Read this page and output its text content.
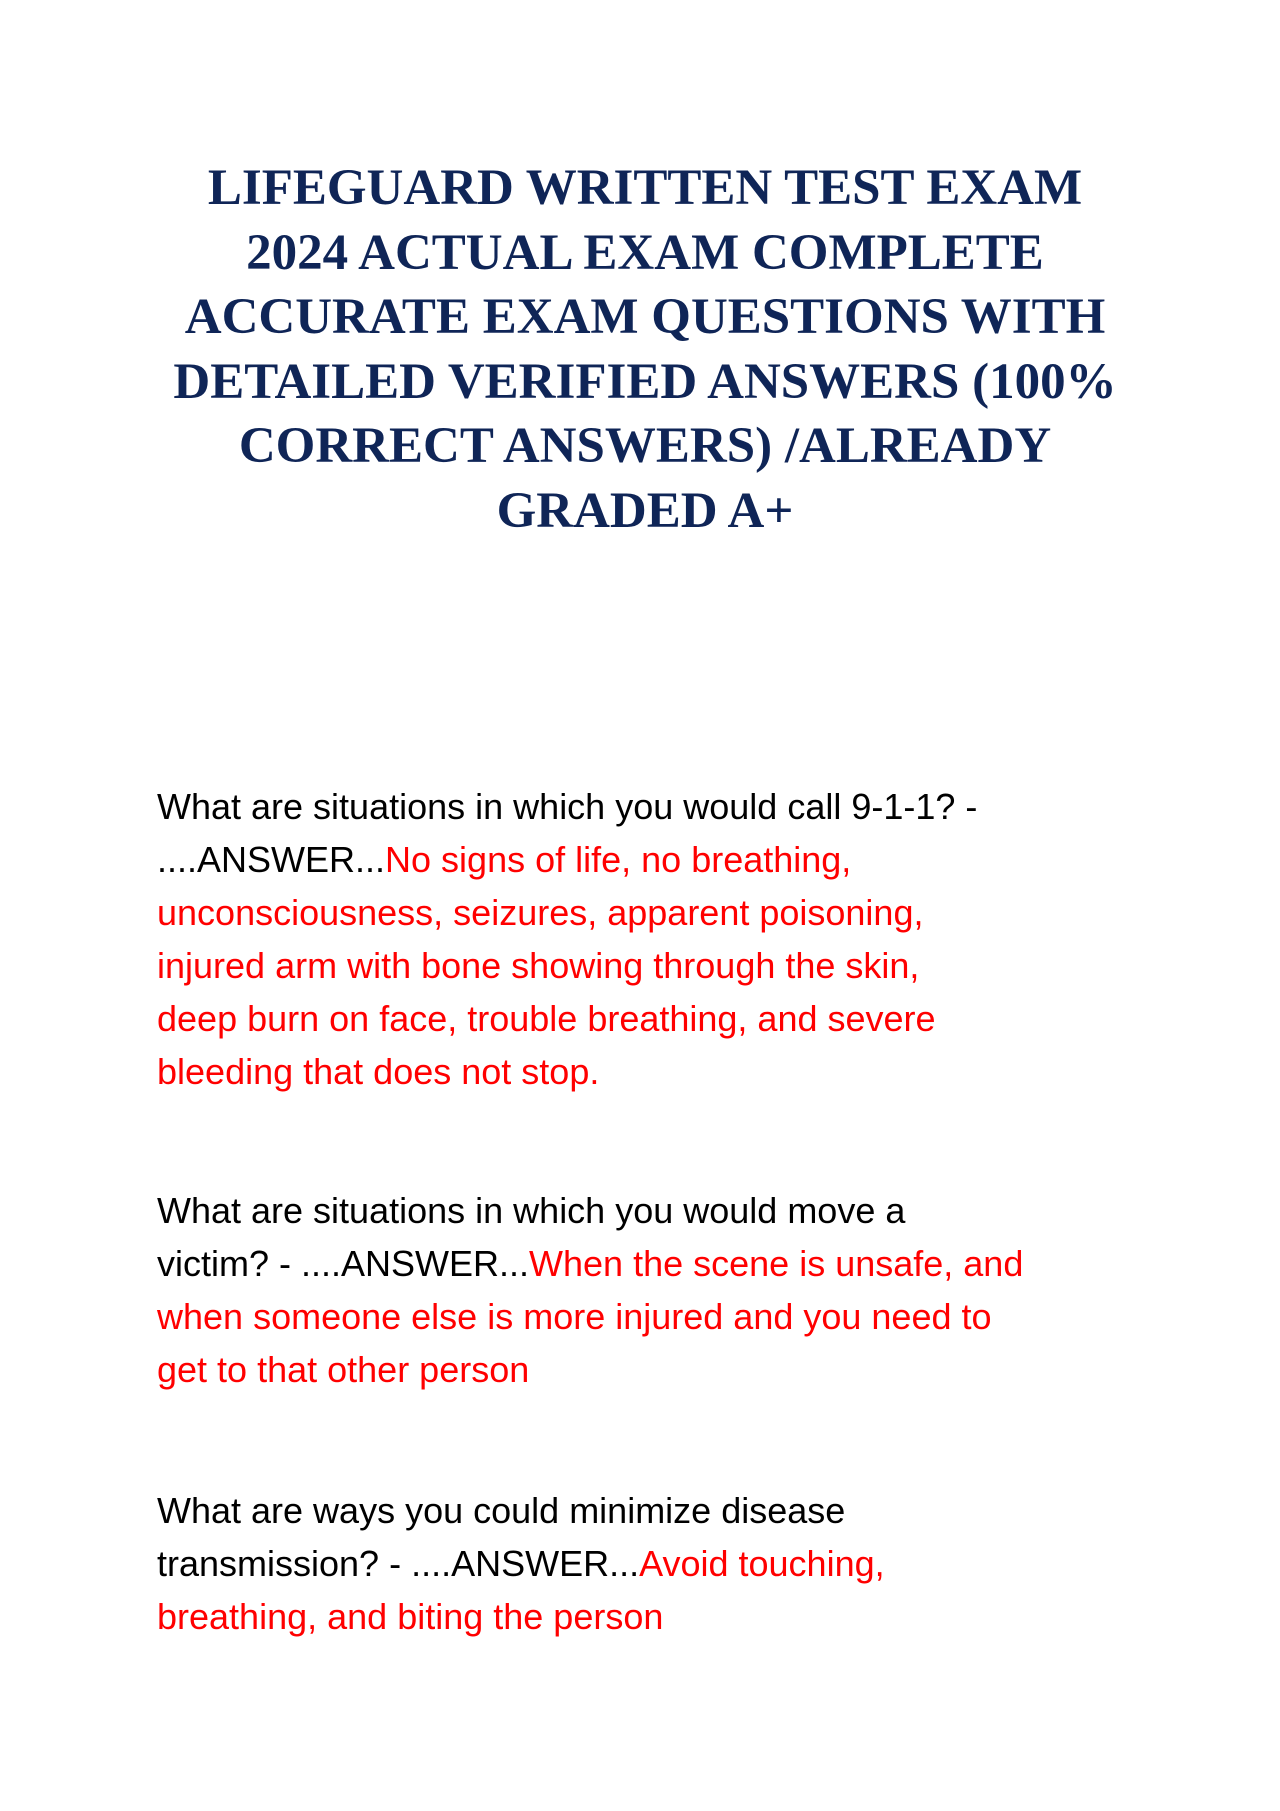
LIFEGUARD WRITTEN TEST EXAM
2024 ACTUAL EXAM COMPLETE
ACCURATE EXAM QUESTIONS WITH
DETAILED VERIFIED ANSWERS (100%
CORRECT ANSWERS) /ALREADY
GRADED A+

What are situations in which you would call 9-1-1? -
....ANSWER...No signs of life, no breathing,
unconsciousness, seizures, apparent poisoning,
injured arm with bone showing through the skin,
deep burn on face, trouble breathing, and severe
bleeding that does not stop.

What are situations in which you would move a
victim? - ....ANSWER...When the scene is unsafe, and
when someone else is more injured and you need to
get to that other person

What are ways you could minimize disease
transmission? - ....ANSWER...Avoid touching,
breathing, and biting the person
